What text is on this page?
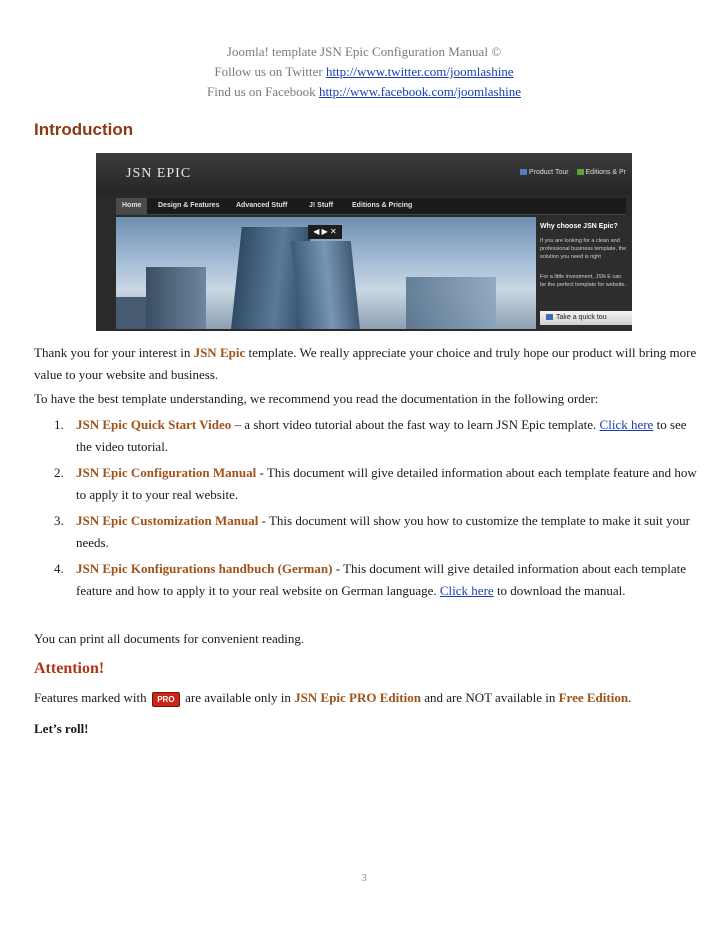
Joomla! template JSN Epic Configuration Manual ©
Follow us on Twitter http://www.twitter.com/joomlashine
Find us on Facebook http://www.facebook.com/joomlashine
Introduction
JSN EPIC	Product Tour Editions & Pr
Home	Design & Features	Advanced Stuff	J! Stuff	Editions & Pricing
◀ ▶ ✕
Why choose JSN Epic?
If you are looking for a clean and professional business template, the solution you need is right
For a little investment, JSN E can be the perfect template for website.
Take a quick tou
Thank you for your interest in JSN Epic template. We really appreciate your choice and truly hope our product will bring more value to your website and business.
To have the best template understanding, we recommend you read the documentation in the following order:
1. JSN Epic Quick Start Video – a short video tutorial about the fast way to learn JSN Epic template. Click here to see the video tutorial.
2. JSN Epic Configuration Manual - This document will give detailed information about each template feature and how to apply it to your real website.
3. JSN Epic Customization Manual - This document will show you how to customize the template to make it suit your needs.
4. JSN Epic Konfigurations handbuch (German) - This document will give detailed information about each template feature and how to apply it to your real website on German language. Click here to download the manual.
You can print all documents for convenient reading.
Attention!
Features marked with PRO are available only in JSN Epic PRO Edition and are NOT available in Free Edition.
Let’s roll!
3
